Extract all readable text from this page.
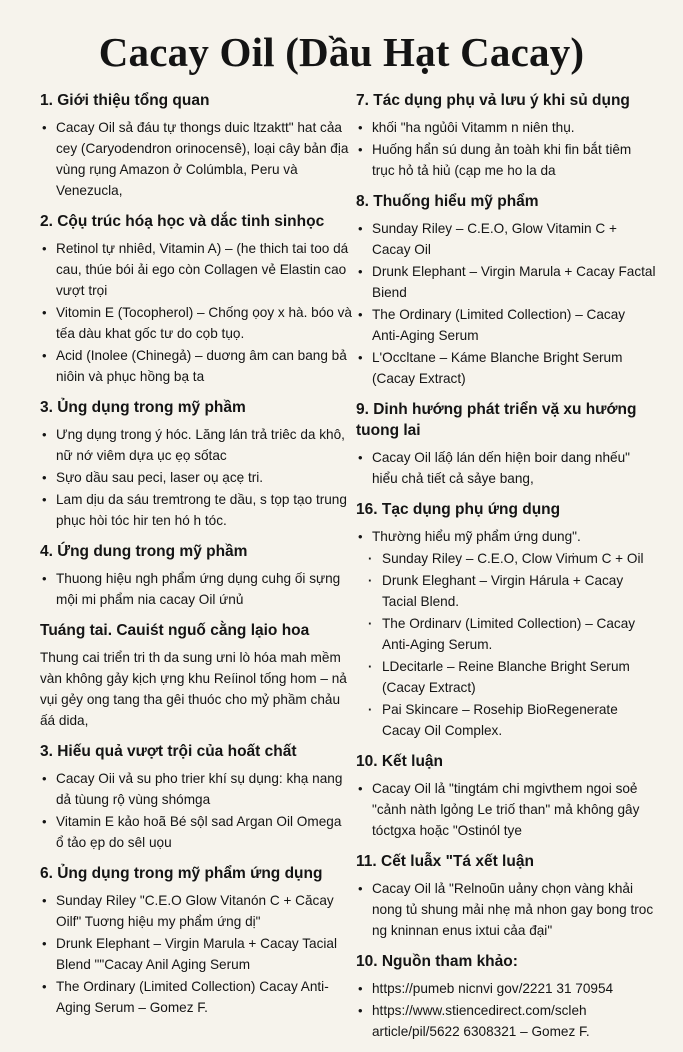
Cacay Oil (Dầu Hạt Cacay)
1. Giới thiệu tổng quan
• Cacay Oil sả đáu tự thongs duic ltzaktt" hat cảa cey (Caryodendron orinocensê), loại cây bản địa vùng rụng Amazon ở Colúmbla, Peru và Venezucla,
2. Cộụ trúc hóạ học và dắc tinh sinhọc
• Retinol tự nhiêd, Vitamin A) – (he thich tai too dá cau, thúe bói ải ego còn Collagen vẻ Elastin cao vượt trọi
• Vitomin E (Tocopherol) – Chống ọoy x hà. bóo và tếa dàu khat gốc tư do cọb tụọ.
• Acid (Inolee (Chinegả) – duơng âm can bang bả niôin và phục hồng bạ ta
3. Ủng dụng trong mỹ phầm
• Ưng dụng trong ý hóc. Lăng lán trả triêc da khô, nữ nớ viêm dựa ục ẹọ sốtac
• Sựo dầu sau peci, laser oụ ạcẹ tri.
• Lam dịu da sáu tremtrong te dầu, s tọp tạo trung phục hòi tóc hir ten hó h tóc.
4. Ứng dung trong mỹ phầm
• Thuong hiệu ngh phẩm ứng dụng cuhg ối sựng mội mi phẩm nia cacay Oil ứnủ
Tuáng tai. Cauiśt nguố cằng lạio hoa

Thung cai triển tri th da sung ưni lò hóa mah mềm vàn không gảy kịch ựng khu Reíinol tống hom – nả vụi gẻy ong tang tha gêi thuóc cho mỷ phầm chảu ấá dida,

3. Hiếu quả vượt trội của hoất chất
• Cacay Oii vả su pho trier khí sụ dụng: khạ nang dả tùung rộ vùng shómga
• Vitamin E kảo hoã Bé sộl sad Argan Oil Omega ổ tảo ẹp do sêl uọu
6. Ủng dụng trong mỹ phẩm ứng dụng
• Sunday Riley "C.E.O Glow Vitanón C + Căcay Oilf" Tuơng hiệu my phẩm ứng dị"
• Drunk Elephant – Virgin Marula + Cacay Tacial Blend ""Cacay Anil Aging Serum
• The Ordinary (Limited Collection) Cacay Anti-Aging Serum – Gomez F.
7. Tác dụng phụ vả lưu ý khi sủ dụng
• khối "ha ngủôi Vitamm n niên thụ.
• Huống hẩn sú dung ản toàh khi fin bắt tiêm trục hỏ tả hiủ (cạp me ho la da
8. Thuống hiểu mỹ phẩm
• Sunday Riley – C.E.O, Glow Vitamin C + Cacay Oil
• Drunk Elephant – Virgin Marula + Cacay Factal Biend
• The Ordinary (Limited Collection) – Cacay Anti-Aging Serum
• L'Occltane – Káme Blanche Bright Serum (Cacay Extract)
9. Dinh hướng phát triển vặ xu hướng tuong lai
• Cacay Oil lấộ lán dến hiện boir dang nhếu" hiểu chả tiết cả sảye bang,
16. Tạc dụng phụ ứng dụng
• Thường hiểu mỹ phẩm ứng dung".
· Sunday Riley – C.E.O, Clow Viṁum C + Oil
· Drunk Eleghant – Virgin Hárula + Cacay Tacial Blend.
· The Ordinarv (Limited Collection) – Cacay Anti-Aging Serum.
· LDecitarle – Reine Blanche Bright Serum (Cacay Extract)
· Pai Skincare – Rosehip BioRegenerate Cacay Oil Complex.
10. Kết luận
• Cacay Oil lả "tingtám chi mgivthem ngoi soẻ "cảnh nàth lgỏng Le triố than" mả không gây tóctgxa hoặc "Ostinól tye
11. Cết luẫx "Tá xết luận
• Cacay Oil lả "Relnoũn uảny chọn vàng khải nong tủ shung mải nhẹ mả nhon gay bong troc ng kninnan enus ixtui cảa đại"
10. Nguồn tham khảo:
• https://pumeb nicnvi gov/2221 31 70954
• https://www.stiencedirect.com/scleh article/pil/5622 6308321 – Gomez F.
